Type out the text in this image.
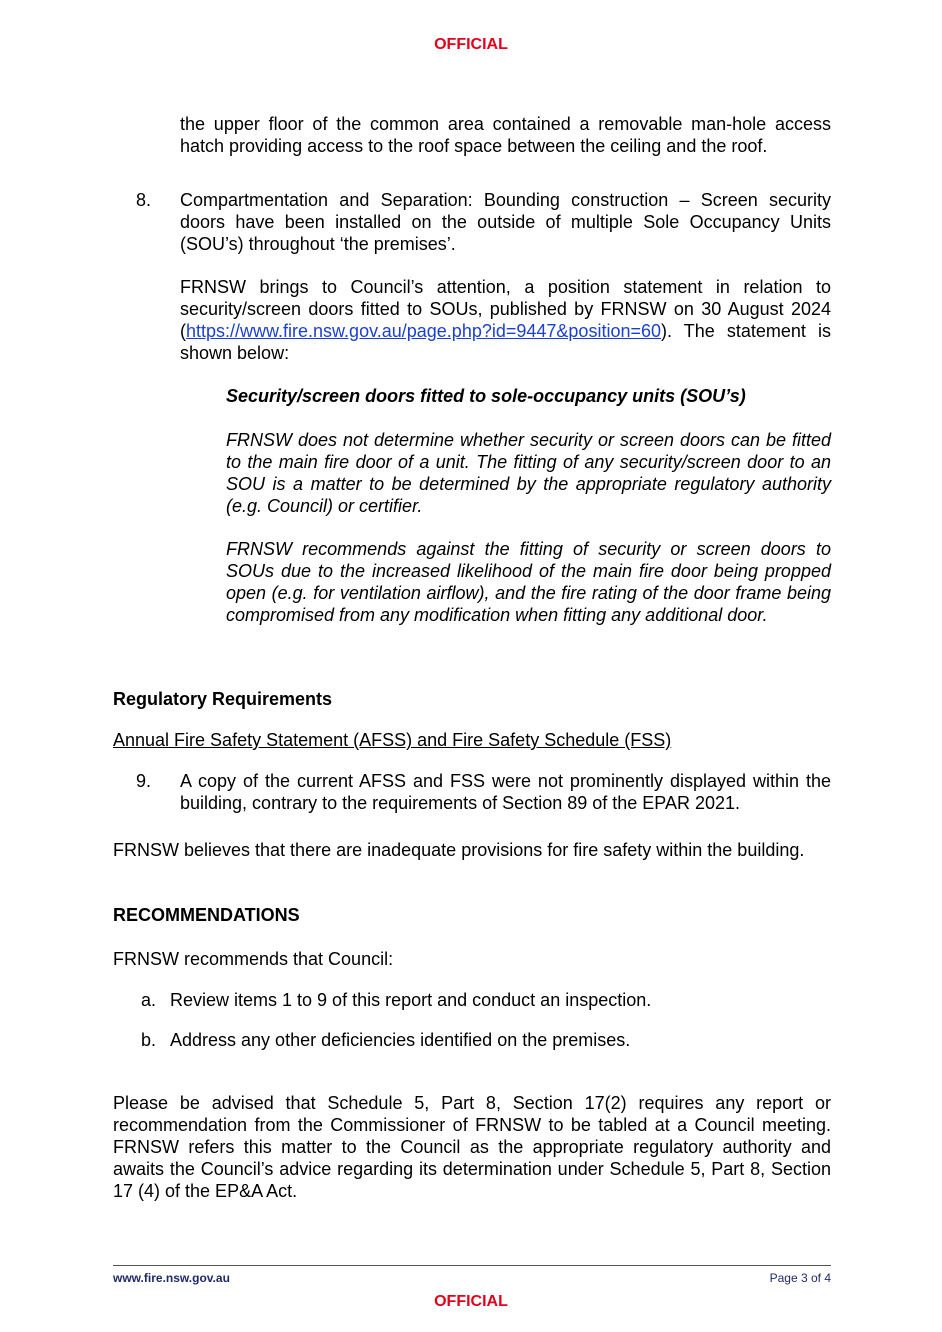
OFFICIAL

the upper floor of the common area contained a removable man-hole access hatch providing access to the roof space between the ceiling and the roof.

8. Compartmentation and Separation: Bounding construction – Screen security doors have been installed on the outside of multiple Sole Occupancy Units (SOU’s) throughout ‘the premises’.

FRNSW brings to Council’s attention, a position statement in relation to security/screen doors fitted to SOUs, published by FRNSW on 30 August 2024 (https://www.fire.nsw.gov.au/page.php?id=9447&position=60). The statement is shown below:

Security/screen doors fitted to sole-occupancy units (SOU’s)

FRNSW does not determine whether security or screen doors can be fitted to the main fire door of a unit. The fitting of any security/screen door to an SOU is a matter to be determined by the appropriate regulatory authority (e.g. Council) or certifier.

FRNSW recommends against the fitting of security or screen doors to SOUs due to the increased likelihood of the main fire door being propped open (e.g. for ventilation airflow), and the fire rating of the door frame being compromised from any modification when fitting any additional door.

Regulatory Requirements
Annual Fire Safety Statement (AFSS) and Fire Safety Schedule (FSS)
9. A copy of the current AFSS and FSS were not prominently displayed within the building, contrary to the requirements of Section 89 of the EPAR 2021.

FRNSW believes that there are inadequate provisions for fire safety within the building.
RECOMMENDATIONS
FRNSW recommends that Council:
a. Review items 1 to 9 of this report and conduct an inspection.
b. Address any other deficiencies identified on the premises.

Please be advised that Schedule 5, Part 8, Section 17(2) requires any report or recommendation from the Commissioner of FRNSW to be tabled at a Council meeting. FRNSW refers this matter to the Council as the appropriate regulatory authority and awaits the Council’s advice regarding its determination under Schedule 5, Part 8, Section 17 (4) of the EP&A Act.

www.fire.nsw.gov.au	Page 3 of 4
OFFICIAL
